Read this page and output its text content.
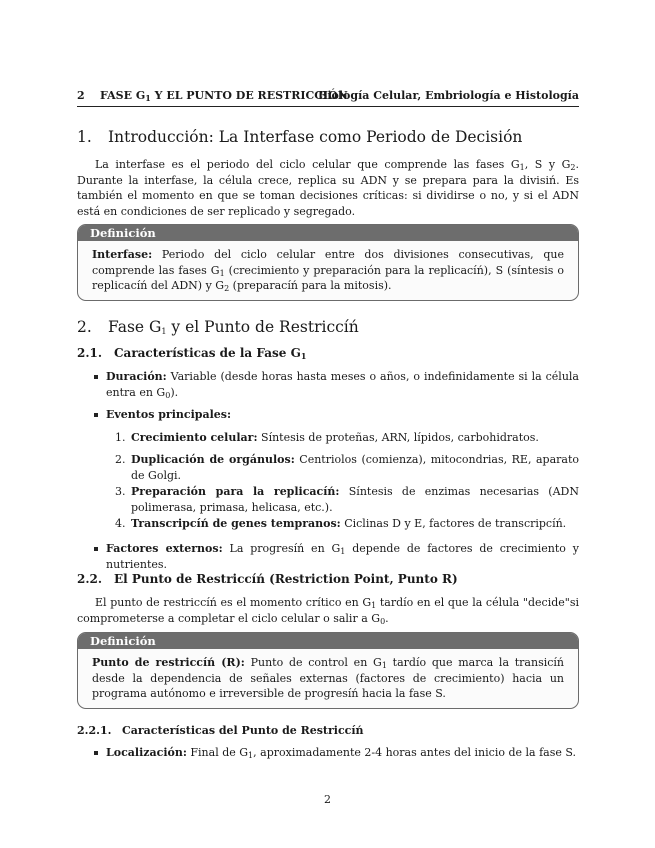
2 FASE $G_1$ Y EL PUNTO DE RESTRICCIÓN
Biología Celular, Embriología e Histología
1. Introducción: La Interfase como Periodo de Decisión

La interfase es el periodo del ciclo celular que comprende las fases $G_1$, S y $G_2$. Durante la interfase, la célula crece, replica su ADN y se prepara para la divisiń. Es también el momento en que se toman decisiones críticas: si dividirse o no, y si el ADN está en condiciones de ser replicado y segregado.

Definición
Interfase: Periodo del ciclo celular entre dos divisiones consecutivas, que comprende las fases $G_1$ (crecimiento y preparación para la replicacíń), S (síntesis o replicacíń del ADN) y $G_2$ (preparacíń para la mitosis).
2. Fase $G_1$ y el Punto de Restriccíń
2.1. Características de la Fase $G_1$
Duración: Variable (desde horas hasta meses o años, o indefinidamente si la célula entra en $G_0$).
Eventos principales:
1. Crecimiento celular: Síntesis de proteñas, ARN, lípidos, carbohidratos.
2. Duplicación de orgánulos: Centriolos (comienza), mitocondrias, RE, aparato de Golgi.
3. Preparación para la replicacíń: Síntesis de enzimas necesarias (ADN polimerasa, primasa, helicasa, etc.).
4. Transcripcíń de genes tempranos: Ciclinas D y E, factores de transcripcíń.
Factores externos: La progresíń en $G_1$ depende de factores de crecimiento y nutrientes.
2.2. El Punto de Restriccíń (Restriction Point, Punto R)

El punto de restriccíń es el momento crítico en $G_1$ tardío en el que la célula "decide"si comprometerse a completar el ciclo celular o salir a $G_0$.

Definición
Punto de restriccíń (R): Punto de control en $G_1$ tardío que marca la transicíń desde la dependencia de señales externas (factores de crecimiento) hacia un programa autónomo e irreversible de progresíń hacia la fase S.
2.2.1. Características del Punto de Restriccíń
Localización: Final de $G_1$, aproximadamente 2-4 horas antes del inicio de la fase S.
2
